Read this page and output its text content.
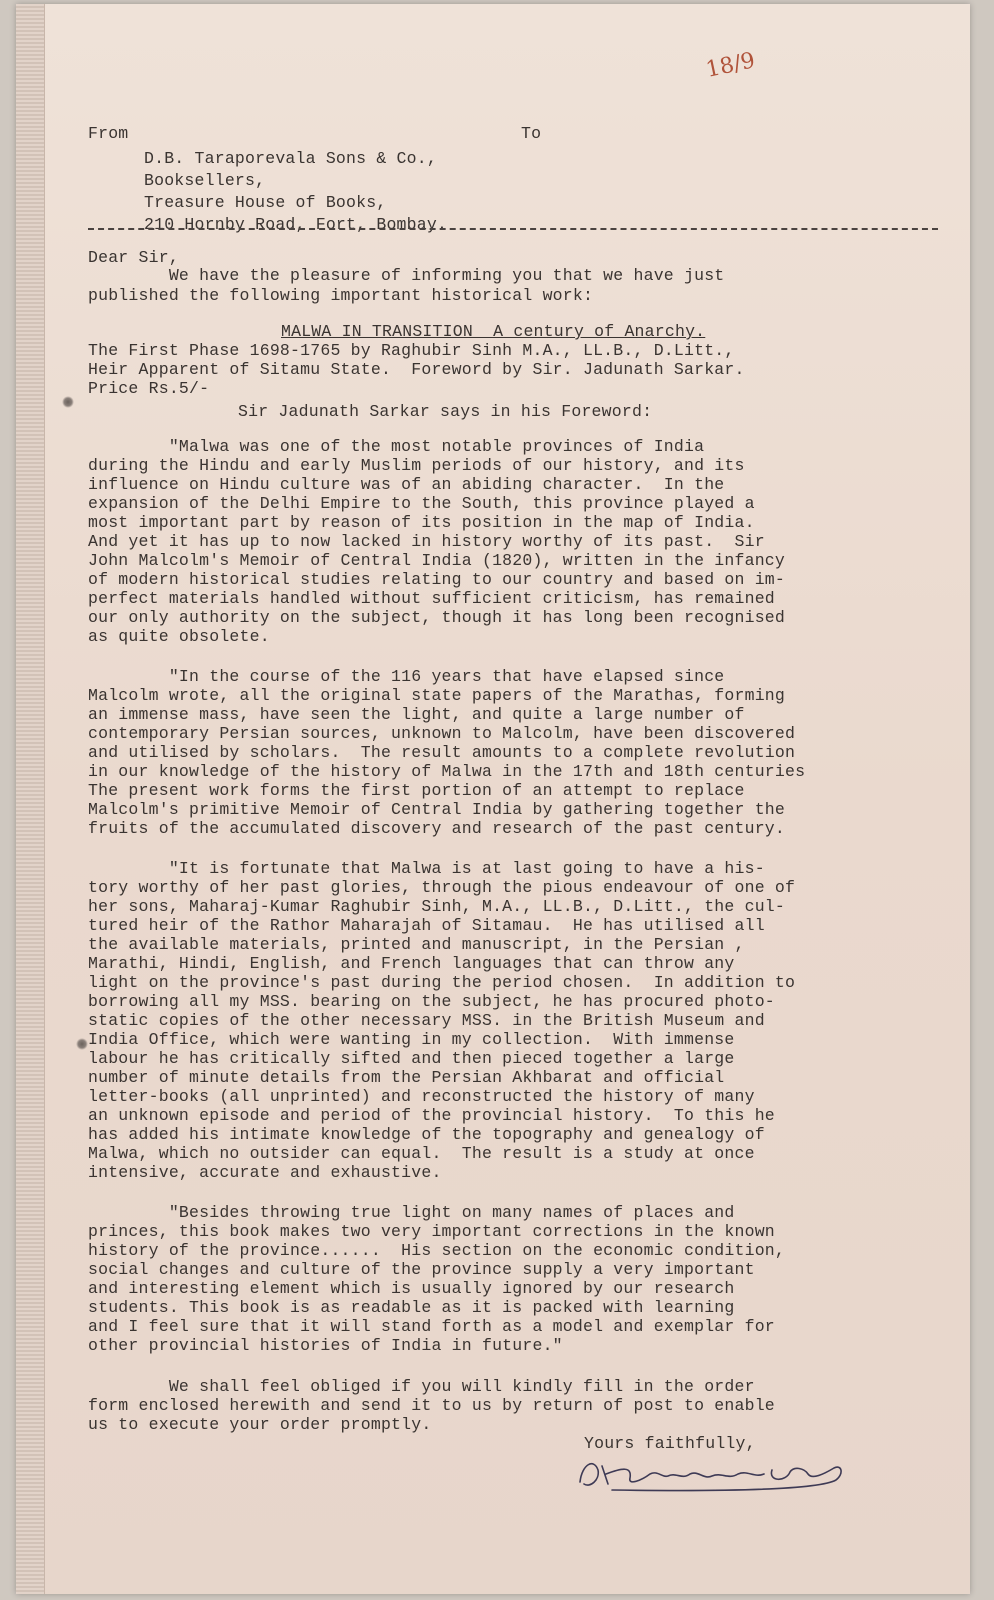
18/9
From	To
D.B. Taraporevala Sons & Co.,
Booksellers,
Treasure House of Books,
210 Hornby Road, Fort, Bombay.
Dear Sir,
We have the pleasure of informing you that we have just
published the following important historical work:
MALWA IN TRANSITION  A century of Anarchy.
The First Phase 1698-1765 by Raghubir Sinh M.A., LL.B., D.Litt.,
Heir Apparent of Sitamu State.  Foreword by Sir. Jadunath Sarkar.
Price Rs.5/-
Sir Jadunath Sarkar says in his Foreword:
"Malwa was one of the most notable provinces of India
during the Hindu and early Muslim periods of our history, and its
influence on Hindu culture was of an abiding character.  In the
expansion of the Delhi Empire to the South, this province played a
most important part by reason of its position in the map of India.
And yet it has up to now lacked in history worthy of its past.  Sir
John Malcolm's Memoir of Central India (1820), written in the infancy
of modern historical studies relating to our country and based on im-
perfect materials handled without sufficient criticism, has remained
our only authority on the subject, though it has long been recognised
as quite obsolete.
"In the course of the 116 years that have elapsed since
Malcolm wrote, all the original state papers of the Marathas, forming
an immense mass, have seen the light, and quite a large number of
contemporary Persian sources, unknown to Malcolm, have been discovered
and utilised by scholars.  The result amounts to a complete revolution
in our knowledge of the history of Malwa in the 17th and 18th centuries
The present work forms the first portion of an attempt to replace
Malcolm's primitive Memoir of Central India by gathering together the
fruits of the accumulated discovery and research of the past century.
"It is fortunate that Malwa is at last going to have a his-
tory worthy of her past glories, through the pious endeavour of one of
her sons, Maharaj-Kumar Raghubir Sinh, M.A., LL.B., D.Litt., the cul-
tured heir of the Rathor Maharajah of Sitamau.  He has utilised all
the available materials, printed and manuscript, in the Persian ,
Marathi, Hindi, English, and French languages that can throw any
light on the province's past during the period chosen.  In addition to
borrowing all my MSS. bearing on the subject, he has procured photo-
static copies of the other necessary MSS. in the British Museum and
India Office, which were wanting in my collection.  With immense
labour he has critically sifted and then pieced together a large
number of minute details from the Persian Akhbarat and official
letter-books (all unprinted) and reconstructed the history of many
an unknown episode and period of the provincial history.  To this he
has added his intimate knowledge of the topography and genealogy of
Malwa, which no outsider can equal.  The result is a study at once
intensive, accurate and exhaustive.
"Besides throwing true light on many names of places and
princes, this book makes two very important corrections in the known
history of the province......  His section on the economic condition,
social changes and culture of the province supply a very important
and interesting element which is usually ignored by our research
students. This book is as readable as it is packed with learning
and I feel sure that it will stand forth as a model and exemplar for
other provincial histories of India in future."
We shall feel obliged if you will kindly fill in the order
form enclosed herewith and send it to us by return of post to enable
us to execute your order promptly.
Yours faithfully,
